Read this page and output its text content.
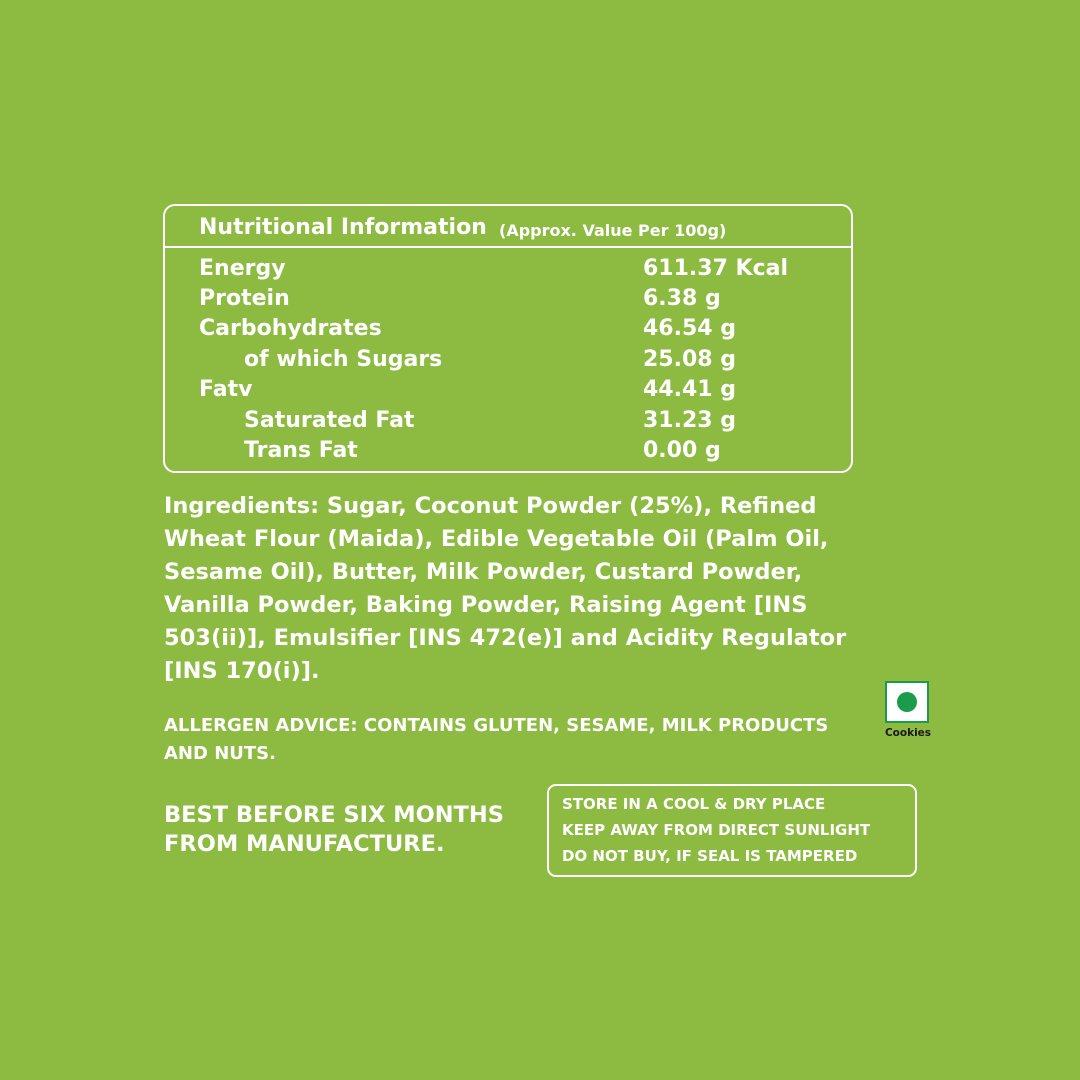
Nutritional Information (Approx. Value Per 100g)
Energy	611.37 Kcal
Protein	6.38 g
Carbohydrates	46.54 g
of which Sugars	25.08 g
Fatv	44.41 g
Saturated Fat	31.23 g
Trans Fat	0.00 g
Ingredients: Sugar, Coconut Powder (25%), Refined
Wheat Flour (Maida), Edible Vegetable Oil (Palm Oil,
Sesame Oil), Butter, Milk Powder, Custard Powder,
Vanilla Powder, Baking Powder, Raising Agent [INS
503(ii)], Emulsifier [INS 472(e)] and Acidity Regulator
[INS 170(i)].
ALLERGEN ADVICE: CONTAINS GLUTEN, SESAME, MILK PRODUCTS
AND NUTS.
Cookies
BEST BEFORE SIX MONTHS
FROM MANUFACTURE.
STORE IN A COOL & DRY PLACE
KEEP AWAY FROM DIRECT SUNLIGHT
DO NOT BUY, IF SEAL IS TAMPERED
